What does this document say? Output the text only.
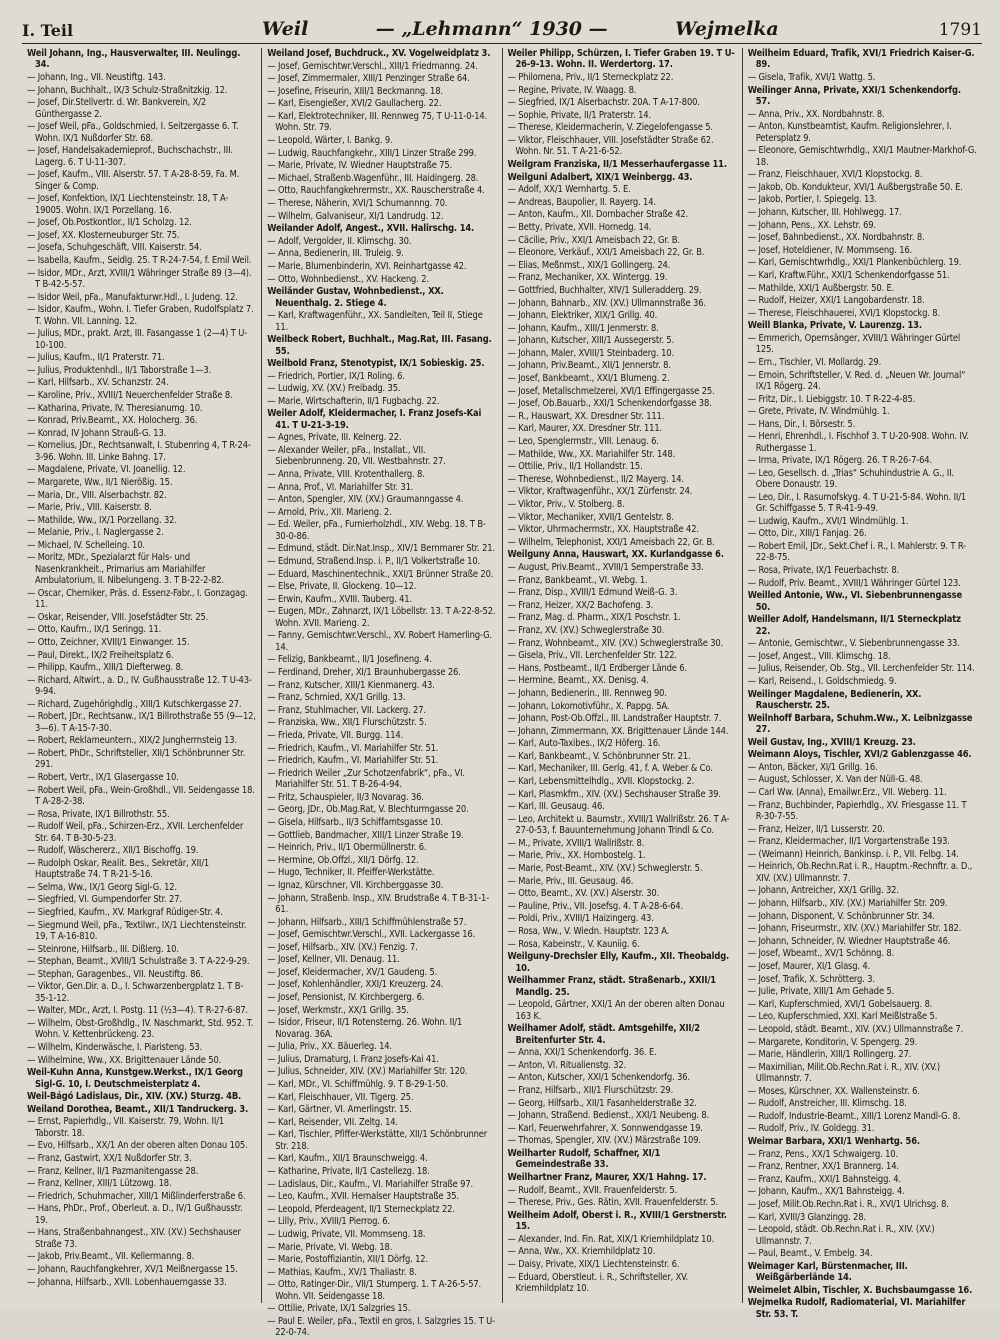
I. Teil	Weil	— „Lehmann“ 1930 —	Wejmelka	1791
Weil Johann, Ing., Hausverwalter, III. Neulingg. 34.
— Johann, Ing., VII. Neustiftg. 143.
— Johann, Buchhalt., IX/3 Schulz-Straßnitzkig. 12.
— Josef, Dir.Stellvertr. d. Wr. Bankverein, X/2 Günthergasse 2.
— Josef Weil, pFa., Goldschmied, I. Seitzergasse 6. T. Wohn. IX/1 Nußdorfer Str. 68.
— Josef, Handelsakademieprof., Buchschachstr., III. Lagerg. 6. T U-11-307.
— Josef, Kaufm., VIII. Alserstr. 57. T A-28-8-59, Fa. M. Singer & Comp.
— Josef, Konfektion, IX/1 Liechtensteinstr. 18, T A-19005. Wohn. IX/1 Porzellang. 16.
— Josef, Ob.Postkontlor., II/1 Scholzg. 12.
— Josef, XX. Klosterneuburger Str. 75.
— Josefa, Schuhgeschäft, VIII. Kaiserstr. 54.
— Isabella, Kaufm., Seidlg. 25. T R-24-7-54, f. Emil Weil.
— Isidor, MDr., Arzt, XVIII/1 Währinger Straße 89 (3—4). T B-42-5-57.
— Isidor Weil, pFa., Manufakturwr.Hdl., I. Judeng. 12.
— Isidor, Kaufm., Wohn. I. Tiefer Graben, Rudolfsplatz 7. T. Wohn. VII. Lanning. 12.
— Julius, MDr., prakt. Arzt, III. Fasangasse 1 (2—4) T U-10-100.
— Julius, Kaufm., II/1 Praterstr. 71.
— Julius, Produktenhdl., II/1 Taborstraße 1—3.
— Karl, Hilfsarb., XV. Schanzstr. 24.
— Karoline, Priv., XVIII/1 Neuerchenfelder Straße 8.
— Katharina, Private, IV. Theresianumg. 10.
— Konrad, Priv.Beamt., XX. Holocherg. 36.
— Konrad, IV Johann Strauß-G. 13.
— Kornelius, JDr., Rechtsanwalt, I. Stubenring 4, T R-24-3-96. Wohn. III. Linke Bahng. 17.
— Magdalene, Private, VI. Joanellig. 12.
— Margarete, Ww., II/1 Nierößig. 15.
— Maria, Dr., VIII. Alserbachstr. 82.
— Marie, Priv., VIII. Kaiserstr. 8.
— Mathilde, Ww., IX/1 Porzellang. 32.
— Melanie, Priv., I. Naglergasse 2.
— Michael, IV. Schelleing. 10.
— Moritz, MDr., Spezialarzt für Hals- und Nasenkrankheit., Primarius am Mariahilfer Ambulatorium, II. Nibelungeng. 3. T B-22-2-82.
— Oscar, Chemiker, Präs. d. Essenz-Fabr., I. Gonzagag. 11.
— Oskar, Reisender, VIII. Josefstädter Str. 25.
— Otto, Kaufm., IX/1 Seringg. 11.
— Otto, Zeichner, XVIII/1 Einwanger. 15.
— Paul, Direkt., IX/2 Freiheitsplatz 6.
— Philipp, Kaufm., XIII/1 Diefterweg. 8.
— Richard, Altwirt., a. D., IV. Gußhausstraße 12. T U-43-9-94.
— Richard, Zugehörighdlg., XIII/1 Kutschkergasse 27.
— Robert, JDr., Rechtsanw., IX/1 Billrothstraße 55 (9—12, 3—6). T A-15-7-30.
— Robert, Reklameuntern., XIX/2 Jungherrnsteig 13.
— Robert, PhDr., Schriftsteller, XII/1 Schönbrunner Str. 291.
— Robert, Vertr., IX/1 Glasergasse 10.
— Robert Weil, pFa., Wein-Großhdl., VII. Seidengasse 18. T A-28-2-38.
— Rosa, Private, IX/1 Billrothstr. 55.
— Rudolf Weil, pFa., Schirzen-Erz., XVII. Lerchenfelder Str. 64. T B-30-5-23.
— Rudolf, Wäschererz., XII/1 Bischoffg. 19.
— Rudolph Oskar, Realit. Bes., Sekretär, XII/1 Hauptstraße 74. T R-21-5-16.
— Selma, Ww., IX/1 Georg Sigl-G. 12.
— Siegfried, VI. Gumpendorfer Str. 27.
— Siegfried, Kaufm., XV. Markgraf Rüdiger-Str. 4.
— Siegmund Weil, pFa., Textilwr., IX/1 Liechtensteinstr. 19, T A-16-810.
— Steinrone, Hilfsarb., III. Dißlerg. 10.
— Stephan, Beamt., XVIII/1 Schulstraße 3. T A-22-9-29.
— Stephan, Garagenbes., VII. Neustiftg. 86.
— Viktor, Gen.Dir. a. D., I. Schwarzenbergplatz 1. T B-35-1-12.
— Walter, MDr., Arzt, I. Postg. 11 (½3—4). T R-27-6-87.
— Wilhelm, Obst-Großhdlg., IV. Naschmarkt, Std. 952. T. Wohn. V. Kettenbrückeng. 23.
— Wilhelm, Kinderwäsche, I. Piaristeng. 53.
— Wilhelmine, Ww., XX. Brigittenauer Lände 50.
Weil-Kuhn Anna, Kunstgew.Werkst., IX/1 Georg Sigl-G. 10, I. Deutschmeisterplatz 4.
Weil-Bágó Ladislaus, Dir., XIV. (XV.) Sturzg. 4B.
Weiland Dorothea, Beamt., XII/1 Tandruckerg. 3.
— Ernst, Papierhdlg., VII. Kaiserstr. 79, Wohn. II/1 Taborstr. 18.
— Evo, Hilfsarb., XX/1 An der oberen alten Donau 105.
— Franz, Gastwirt, XX/1 Nußdorfer Str. 3.
— Franz, Kellner, II/1 Pazmanitengasse 28.
— Franz, Kellner, XIII/1 Lützowg. 18.
— Friedrich, Schuhmacher, XIII/1 Mißlinderferstraße 6.
— Hans, PhDr., Prof., Oberleut. a. D., IV/1 Gußhausstr. 19.
— Hans, Straßenbahnangest., XIV. (XV.) Sechshauser Straße 73.
— Jakob, Priv.Beamt., VII. Kellermanng. 8.
— Johann, Rauchfangkehrer, XV/1 Meißnergasse 15.
— Johanna, Hilfsarb., XVII. Lobenhauerngasse 33.
Weiland Josef, Buchdruck., XV. Vogelweidplatz 3.
— Josef, Gemischtwr.Verschl., XIII/1 Friedmanng. 24.
— Josef, Zimmermaler, XIII/1 Penzinger Straße 64.
— Josefine, Friseurin, XIII/1 Beckmanng. 18.
— Karl, Eisengießer, XVI/2 Gaullacherg. 22.
— Karl, Elektrotechniker, III. Rennweg 75, T U-11-0-14. Wohn. Str. 79.
— Leopold, Wärter, I. Bankg. 9.
— Ludwig, Rauchfangkehr., XIII/1 Linzer Straße 299.
— Marie, Private, IV. Wiedner Hauptstraße 75.
— Michael, Straßenb.Wagenführ., III. Haidingerg. 28.
— Otto, Rauchfangkehrermstr., XX. Rauscherstraße 4.
— Therese, Näherin, XVI/1 Schumannng. 70.
— Wilhelm, Galvaniseur, XI/1 Landrudg. 12.
Weilander Adolf, Angest., XVII. Halirschg. 14.
— Adolf, Vergolder, II. Klimschg. 30.
— Anna, Bedienerin, III. Truleig. 9.
— Marie, Blumenbinderin, XVI. Reinhartgasse 42.
— Otto, Wohnbedienst., XV. Hackeng. 2.
Weiländer Gustav, Wohnbedienst., XX. Neuenthalg. 2. Stiege 4.
— Karl, Kraftwagenführ., XX. Sandleiten, Teil II, Stiege 11.
Weilbeck Robert, Buchhalt., Mag.Rat, III. Fasang. 55.
Weilbold Franz, Stenotypist, IX/1 Sobieskig. 25.
— Friedrich, Portier, IX/1 Roling. 6.
— Ludwig, XV. (XV.) Freibadg. 35.
— Marie, Wirtschafterin, II/1 Fugbachg. 22.
Weiler Adolf, Kleidermacher, I. Franz Josefs-Kai 41. T U-21-3-19.
— Agnes, Private, III. Kelnerg. 22.
— Alexander Weiler, pFa., Installat., VII. Siebenbrunneng. 20, VII. Westbahnstr. 27.
— Anna, Private, VIII. Krotenthallerg. 8.
— Anna, Prof., VI. Mariahilfer Str. 31.
— Anton, Spengler, XIV. (XV.) Graumanngasse 4.
— Arnold, Priv., XII. Marieng. 2.
— Ed. Weiler, pFa., Furnierholzhdl., XIV. Webg. 18. T B-30-0-86.
— Edmund, städt. Dir.Nat.Insp., XIV/1 Bernmarer Str. 21.
— Edmund, Straßend.Insp. i. P., II/1 Volkertstraße 10.
— Eduard, Maschinentechnik., XXI/1 Brünner Straße 20.
— Else, Private, II. Glockeng. 10—12.
— Erwin, Kaufm., XVIII. Tauberg. 41.
— Eugen, MDr., Zahnarzt, IX/1 Löbellstr. 13. T A-22-8-52. Wohn. XVII. Marieng. 2.
— Fanny, Gemischtwr.Verschl., XV. Robert Hamerling-G. 14.
— Felizig, Bankbeamt., II/1 Josefineng. 4.
— Ferdinand, Dreher, XI/1 Braunhubergasse 26.
— Franz, Kutscher, XIII/1 Kienmanerg. 43.
— Franz, Schmied, XX/1 Grillg. 13.
— Franz, Stuhlmacher, VII. Lackerg. 27.
— Franziska, Ww., XII/1 Flurschützstr. 5.
— Frieda, Private, VII. Burgg. 114.
— Friedrich, Kaufm., VI. Mariahilfer Str. 51.
— Friedrich, Kaufm., VI. Mariahilfer Str. 51.
— Friedrich Weiler „Zur Schotzenfabrik“, pFa., VI. Mariahilfer Str. 51. T B-26-4-94.
— Fritz, Schauspieler, II/3 Novarag. 36.
— Georg, JDr., Ob.Mag.Rat, V. Blechturmgasse 20.
— Gisela, Hilfsarb., II/3 Schiffamtsgasse 10.
— Gottlieb, Bandmacher, XIII/1 Linzer Straße 19.
— Heinrich, Priv., II/1 Obermüllnerstr. 6.
— Hermine, Ob.Offzl., XII/1 Dörfg. 12.
— Hugo, Techniker, II. Pfeiffer-Werkstätte.
— Ignaz, Kürschner, VII. Kirchberggasse 30.
— Johann, Straßenb. Insp., XIV. Brudstraße 4. T B-31-1-61.
— Johann, Hilfsarb., XIII/1 Schiffmühlenstraße 57.
— Josef, Gemischtwr.Verschl., XVII. Lackergasse 16.
— Josef, Hilfsarb., XIV. (XV.) Fenzig. 7.
— Josef, Kellner, VII. Denaug. 11.
— Josef, Kleidermacher, XV/1 Gaudeng. 5.
— Josef, Kohlenhändler, XXI/1 Kreuzerg. 24.
— Josef, Pensionist, IV. Kirchbergerg. 6.
— Josef, Werkmstr., XX/1 Grillg. 35.
— Isidor, Friseur, II/1 Rotensterng. 26. Wohn. II/1 Novarag. 36A.
— Julia, Priv., XX. Bäuerleg. 14.
— Julius, Dramaturg, I. Franz Josefs-Kai 41.
— Julius, Schneider, XIV. (XV.) Mariahilfer Str. 120.
— Karl, MDr., VI. Schiffmühlg. 9. T B-29-1-50.
— Karl, Fleischhauer, VII. Tigerg. 25.
— Karl, Gärtner, VI. Amerlingstr. 15.
— Karl, Reisender, VII. Zeltg. 14.
— Karl, Tischler, Pfiffer-Werkstätte, XII/1 Schönbrunner Str. 218.
— Karl, Kaufm., XII/1 Braunschweigg. 4.
— Katharine, Private, II/1 Castellezg. 18.
— Ladislaus, Dir., Kaufm., VI. Mariahilfer Straße 97.
— Leo, Kaufm., XVII. Hernalser Hauptstraße 35.
— Leopold, Pferdeagent, II/1 Sterneckplatz 22.
— Lilly, Priv., XVIII/1 Pierrog. 6.
— Ludwig, Private, VII. Mommseng. 18.
— Marie, Private, VI. Webg. 18.
— Marie, Postoffiziantin, XII/1 Dörfg. 12.
— Mathias, Kaufm., XV/1 Thaliastr. 8.
— Otto, Ratinger-Dir., VII/1 Stumperg. 1. T A-26-5-57. Wohn. VII. Seidengasse 18.
— Ottilie, Private, IX/1 Salzgries 15.
— Paul E. Weiler, pFa., Textil en gros, I. Salzgries 15. T U-22-0-74.
Weiler Philipp, Schürzen, I. Tiefer Graben 19. T U-26-9-13. Wohn. II. Werdertorg. 17.
— Philomena, Priv., II/1 Sterneckplatz 22.
— Regine, Private, IV. Waagg. 8.
— Siegfried, IX/1 Alserbachstr. 20A. T A-17-800.
— Sophie, Private, II/1 Praterstr. 14.
— Therese, Kleidermacherin, V. Ziegelofengasse 5.
— Viktor, Fleischhauer, VIII. Josefstädter Straße 62. Wohn. Nr. 51. T A-21-6-52.
Weilgram Franziska, II/1 Messerhaufergasse 11.
Weilguni Adalbert, XIX/1 Weinbergg. 43.
— Adolf, XX/1 Wernhartg. 5. E.
— Andreas, Baupolier, II. Rayerg. 14.
— Anton, Kaufm., XII. Dornbacher Straße 42.
— Betty, Private, XVII. Hornedg. 14.
— Cäcilie, Priv., XXI/1 Ameisbach 22, Gr. B.
— Eleonore, Verkäuf., XXI/1 Ameisbach 22, Gr. B.
— Elias, Meßnmst., XIX/1 Gollingerg. 24.
— Franz, Mechaniker, XX. Wintergg. 19.
— Gottfried, Buchhalter, XIV/1 Sulleradderg. 29.
— Johann, Bahnarb., XIV. (XV.) Ullmannstraße 36.
— Johann, Elektriker, XIX/1 Grillg. 40.
— Johann, Kaufm., XIII/1 Jenmerstr. 8.
— Johann, Kutscher, XIII/1 Aussegerstr. 5.
— Johann, Maler, XVIII/1 Steinbaderg. 10.
— Johann, Priv.Beamt., XII/1 Jennerstr. 8.
— Josef, Bankbeamt., XXI/1 Blumeng. 2.
— Josef, Metallschmelzerei, XVI/1 Effingergasse 25.
— Josef, Ob.Bauarb., XXI/1 Schenkendorfgasse 38.
— R., Hauswart, XX. Dresdner Str. 111.
— Karl, Maurer, XX. Dresdner Str. 111.
— Leo, Spenglermstr., VIII. Lenaug. 6.
— Mathilde, Ww., XX. Mariahilfer Str. 148.
— Ottilie, Priv., II/1 Hollandstr. 15.
— Therese, Wohnbedienst., II/2 Mayerg. 14.
— Viktor, Kraftwagenführ., XX/1 Zürfenstr. 24.
— Viktor, Priv., V. Stolberg. 8.
— Viktor, Mechaniker, XVII/1 Gentelstr. 8.
— Viktor, Uhrmachermstr., XX. Hauptstraße 42.
— Wilhelm, Telephonist, XXI/1 Ameisbach 22, Gr. B.
Weilguny Anna, Hauswart, XX. Kurlandgasse 6.
— August, Priv.Beamt., XVIII/1 Semperstraße 33.
— Franz, Bankbeamt., VI. Webg. 1.
— Franz, Disp., XVIII/1 Edmund Weiß-G. 3.
— Franz, Heizer, XX/2 Bachofeng. 3.
— Franz, Mag. d. Pharm., XIX/1 Poschstr. 1.
— Franz, XV. (XV.) Schweglerstraße 30.
— Franz, Wohnbeamt., XIV. (XV.) Schweglerstraße 30.
— Gisela, Priv., VII. Lerchenfelder Str. 122.
— Hans, Postbeamt., II/1 Erdberger Lände 6.
— Hermine, Beamt., XX. Denisg. 4.
— Johann, Bedienerin., III. Rennweg 90.
— Johann, Lokomotivführ., X. Pappg. 5A.
— Johann, Post-Ob.Offzl., III. Landstraßer Hauptstr. 7.
— Johann, Zimmermann, XX. Brigittenauer Lände 144.
— Karl, Auto-Taxibes., IX/2 Höferg. 16.
— Karl, Bankbeamt., V. Schönbrunner Str. 21.
— Karl, Mechaniker, III. Gerlg. 41, f. A. Weber & Co.
— Karl, Lebensmittelhdlg., XVII. Klopstockg. 2.
— Karl, Plasmkfm., XIV. (XV.) Sechshauser Straße 39.
— Karl, III. Geusaug. 46.
— Leo, Architekt u. Baumstr., XVIII/1 Wallrißstr. 26. T A-27-0-53, f. Bauunternehmung Johann Trindl & Co.
— M., Private, XVIII/1 Wallrißstr. 8.
— Marie, Priv., XX. Hornbostelg. 1.
— Marie, Post-Beamt., XIV. (XV.) Schweglerstr. 5.
— Marie, Priv., III. Geusaug. 46.
— Otto, Beamt., XV. (XV.) Alserstr. 30.
— Pauline, Priv., VII. Josefsg. 4. T A-28-6-64.
— Poldi, Priv., XVIII/1 Haizingerg. 43.
— Rosa, Ww., V. Wiedn. Hauptstr. 123 A.
— Rosa, Kabeinstr., V. Kauniig. 6.
Weilguny-Drechsler Elly, Kaufm., XII. Theobaldg. 10.
Weilhammer Franz, städt. Straßenarb., XXII/1 Mandlg. 25.
— Leopold, Gärtner, XXI/1 An der oberen alten Donau 163 K.
Weilhamer Adolf, städt. Amtsgehilfe, XII/2 Breitenfurter Str. 4.
— Anna, XXI/1 Schenkendorfg. 36. E.
— Anton, VI. Ritualienstg. 32.
— Anton, Kutscher, XXI/1 Schenkendorfg. 36.
— Franz, Hilfsarb., XII/1 Flurschützstr. 29.
— Georg, Hilfsarb., XII/1 Fasanhelderstraße 32.
— Johann, Straßend. Bedienst., XXI/1 Neubeng. 8.
— Karl, Feuerwehrfahrer, X. Sonnwendgasse 19.
— Thomas, Spengler, XIV. (XV.) Märzstraße 109.
Weilharter Rudolf, Schaffner, XI/1 Gemeindestraße 33.
Weilhartner Franz, Maurer, XX/1 Hahng. 17.
— Rudolf, Beamt., XVII. Frauenfelderstr. 5.
— Therese, Priv., Ges. Rätin, XVII. Frauenfelderstr. 5.
Weilheim Adolf, Oberst i. R., XVIII/1 Gerstnerstr. 15.
— Alexander, Ind. Fin. Rat, XIX/1 Kriemhildplatz 10.
— Anna, Ww., XX. Kriemhildplatz 10.
— Daisy, Private, XIX/1 Liechtensteinstr. 6.
— Eduard, Oberstleut. i. R., Schriftsteller, XV. Kriemhildplatz 10.
Weilheim Eduard, Trafik, XVI/1 Friedrich Kaiser-G. 89.
— Gisela, Trafik, XVI/1 Wattg. 5.
Weilinger Anna, Private, XXI/1 Schenkendorfg. 57.
— Anna, Priv., XX. Nordbahnstr. 8.
— Anton, Kunstbeamtist, Kaufm. Religionslehrer, I. Petersplatz 9.
— Eleonore, Gemischtwrhdlg., XXI/1 Mautner-Markhof-G. 18.
— Franz, Fleischhauer, XVI/1 Klopstockg. 8.
— Jakob, Ob. Kondukteur, XVI/1 Außbergstraße 50. E.
— Jakob, Portier, I. Spiegelg. 13.
— Johann, Kutscher, III. Hohlwegg. 17.
— Johann, Pens., XX. Lehstr. 69.
— Josef, Bahnbedienst., XX. Nordbahnstr. 8.
— Josef, Hoteldiener, IV. Mommseng. 16.
— Karl, Gemischtwrhdlg., XXI/1 Plankenbüchlerg. 19.
— Karl, Kraftw.Führ., XXI/1 Schenkendorfgasse 51.
— Mathilde, XXI/1 Außbergstr. 50. E.
— Rudolf, Heizer, XXI/1 Langobardenstr. 18.
— Therese, Fleischhauerei, XVI/1 Klopstockg. 8.
Weill Blanka, Private, V. Laurenzg. 13.
— Emmerich, Opernsänger, XVIII/1 Währinger Gürtel 125.
— Ern., Tischler, VI. Mollardg. 29.
— Ernoin, Schriftsteller, V. Red. d. „Neuen Wr. Journal“ IX/1 Rögerg. 24.
— Fritz, Dir., I. Liebiggstr. 10. T R-22-4-85.
— Grete, Private, IV. Windmühlg. 1.
— Hans, Dir., I. Börsestr. 5.
— Henri, Ehrenhdl., I. Fischhof 3. T U-20-908. Wohn. IV. Ruthergasse 1.
— Irma, Private, IX/1 Rögerg. 26. T R-26-7-64.
— Leo, Gesellsch. d. „Trias“ Schuhindustrie A. G., II. Obere Donaustr. 19.
— Leo, Dir., I. Rasumofskyg. 4. T U-21-5-84. Wohn. II/1 Gr. Schiffgasse 5. T R-41-9-49.
— Ludwig, Kaufm., XVI/1 Windmühlg. 1.
— Otto, Dir., XIII/1 Fanjag. 26.
— Robert Emil, JDr., Sekt.Chef i. R., I. Mahlerstr. 9. T R-22-8-75.
— Rosa, Private, IX/1 Feuerbachstr. 8.
— Rudolf, Priv. Beamt., XVIII/1 Währinger Gürtel 123.
Weilled Antonie, Ww., VI. Siebenbrunnengasse 50.
Weiller Adolf, Handelsmann, II/1 Sterneckplatz 22.
— Antonie, Gemischtwr., V. Siebenbrunnengasse 33.
— Josef, Angest., VIII. Klimschg. 18.
— Julius, Reisender, Ob. Stg., VII. Lerchenfelder Str. 114.
— Karl, Reisend., I. Goldschmiedg. 9.
Weilinger Magdalene, Bedienerin, XX. Rauscherstr. 25.
Weilnhoff Barbara, Schuhm.Ww., X. Leibnizgasse 27.
Weil Gustav, Ing., XVIII/1 Kreuzg. 23.
Weimann Aloys, Tischler, XVI/2 Gablenzgasse 46.
— Anton, Bäcker, XI/1 Grillg. 16.
— August, Schlosser, X. Van der Nüll-G. 48.
— Carl Ww. (Anna), Emailwr.Erz., VII. Weberg. 11.
— Franz, Buchbinder, Papierhdlg., XV. Friesgasse 11. T R-30-7-55.
— Franz, Heizer, II/1 Lusserstr. 20.
— Franz, Kleidermacher, II/1 Vorgartenstraße 193.
— (Weimann) Heinrich, Bankinsp. i. P., VII. Felbg. 14.
— Heinrich, Ob.Rechn.Rat i. R., Hauptm.-Rechnftr. a. D., XIV. (XV.) Ullmannstr. 7.
— Johann, Antreicher, XX/1 Grillg. 32.
— Johann, Hilfsarb., XIV. (XV.) Mariahilfer Str. 209.
— Johann, Disponent, V. Schönbrunner Str. 34.
— Johann, Friseurmstr., XIV. (XV.) Mariahilfer Str. 182.
— Johann, Schneider, IV. Wiedner Hauptstraße 46.
— Josef, Wbeamt., XV/1 Schönng. 8.
— Josef, Maurer, XI/1 Glasg. 4.
— Josef, Trafik, X. Schrötterg. 3.
— Julie, Private, XIII/1 Am Gehade 5.
— Karl, Kupferschmied, XVI/1 Gobelsauerg. 8.
— Leo, Kupferschmied, XXI. Karl Meißlstraße 5.
— Leopold, städt. Beamt., XIV. (XV.) Ullmannstraße 7.
— Margarete, Konditorin, V. Spengerg. 29.
— Marie, Händlerin, XIII/1 Rollingerg. 27.
— Maximilian, Milit.Ob.Rechn.Rat i. R., XIV. (XV.) Ullmannstr. 7.
— Moses, Kürschner, XX. Wallensteinstr. 6.
— Rudolf, Anstreicher, III. Klimschg. 18.
— Rudolf, Industrie-Beamt., XIII/1 Lorenz Mandl-G. 8.
— Rudolf, Priv., IV. Goldegg. 31.
Weimar Barbara, XXI/1 Wenhartg. 56.
— Franz, Pens., XX/1 Schwaigerg. 10.
— Franz, Rentner, XX/1 Brannerg. 14.
— Franz, Kaufm., XXI/1 Bahnsteigg. 4.
— Johann, Kaufm., XX/1 Bahnsteigg. 4.
— Josef, Milit.Ob.Rechn.Rat i. R., XVI/1 Ulrichsg. 8.
— Karl, XVIII/3 Glanzingg. 28.
— Leopold, städt. Ob.Rechn.Rat i. R., XIV. (XV.) Ullmannstr. 7.
— Paul, Beamt., V. Embelg. 34.
Weimager Karl, Bürstenmacher, III. Weißgärberlände 14.
Weimelet Albin, Tischler, X. Buchsbaumgasse 16.
Wejmelka Rudolf, Radiomaterial, VI. Mariahilfer Str. 53. T.
